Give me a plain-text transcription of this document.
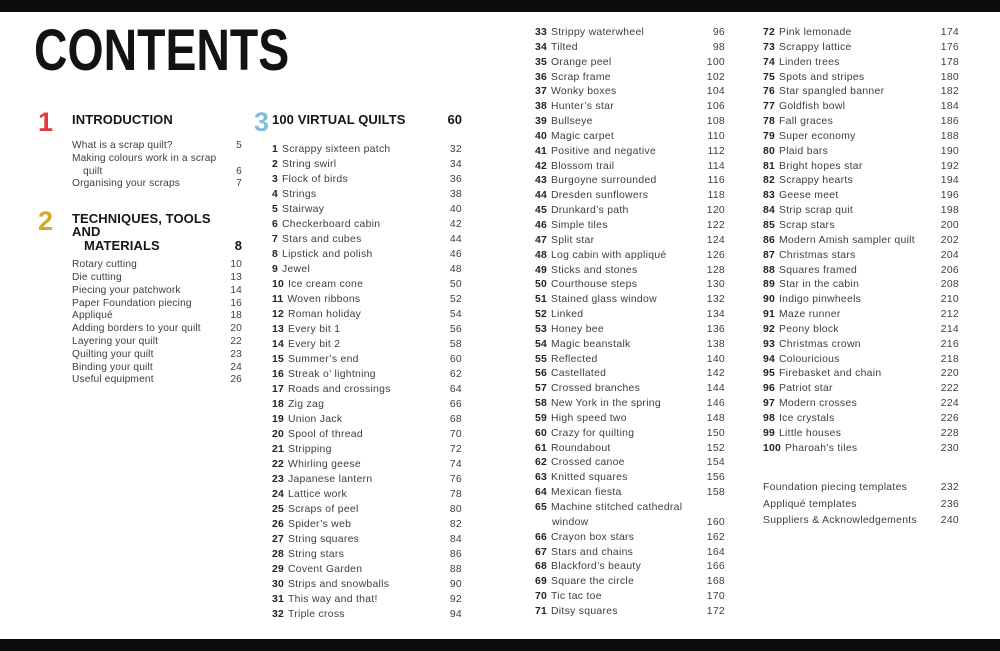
CONTENTS
1	INTRODUCTION
What is a scrap quilt?	5
Making colours work in a scrap
quilt	6
Organising your scraps	7
2	TECHNIQUES, TOOLS AND
MATERIALS	8
Rotary cutting	10
Die cutting	13
Piecing your patchwork	14
Paper Foundation piecing	16
Appliqué	18
Adding borders to your quilt	20
Layering your quilt	22
Quilting your quilt	23
Binding your quilt	24
Useful equipment	26
3 100 VIRTUAL QUILTS	60
1 Scrappy sixteen patch	32
2 String swirl	34
3 Flock of birds	36
4 Strings	38
5 Stairway	40
6 Checkerboard cabin	42
7 Stars and cubes	44
8 Lipstick and polish	46
9 Jewel	48
10 Ice cream cone	50
11 Woven ribbons	52
12 Roman holiday	54
13 Every bit 1	56
14 Every bit 2	58
15 Summer’s end	60
16 Streak o’ lightning	62
17 Roads and crossings	64
18 Zig zag	66
19 Union Jack	68
20 Spool of thread	70
21 Stripping	72
22 Whirling geese	74
23 Japanese lantern	76
24 Lattice work	78
25 Scraps of peel	80
26 Spider’s web	82
27 String squares	84
28 String stars	86
29 Covent Garden	88
30 Strips and snowballs	90
31 This way and that!	92
32 Triple cross	94
33 Strippy waterwheel	96
34 Tilted	98
35 Orange peel	100
36 Scrap frame	102
37 Wonky boxes	104
38 Hunter’s star	106
39 Bullseye	108
40 Magic carpet	110
41 Positive and negative	112
42 Blossom trail	114
43 Burgoyne surrounded	116
44 Dresden sunflowers	118
45 Drunkard’s path	120
46 Simple tiles	122
47 Split star	124
48 Log cabin with appliqué	126
49 Sticks and stones	128
50 Courthouse steps	130
51 Stained glass window	132
52 Linked	134
53 Honey bee	136
54 Magic beanstalk	138
55 Reflected	140
56 Castellated	142
57 Crossed branches	144
58 New York in the spring	146
59 High speed two	148
60 Crazy for quilting	150
61 Roundabout	152
62 Crossed canoe	154
63 Knitted squares	156
64 Mexican fiesta	158
65 Machine stitched cathedral
window	160
66 Crayon box stars	162
67 Stars and chains	164
68 Blackford’s beauty	166
69 Square the circle	168
70 Tic tac toe	170
71 Ditsy squares	172
72 Pink lemonade	174
73 Scrappy lattice	176
74 Linden trees	178
75 Spots and stripes	180
76 Star spangled banner	182
77 Goldfish bowl	184
78 Fall graces	186
79 Super economy	188
80 Plaid bars	190
81 Bright hopes star	192
82 Scrappy hearts	194
83 Geese meet	196
84 Strip scrap quit	198
85 Scrap stars	200
86 Modern Amish sampler quilt	202
87 Christmas stars	204
88 Squares framed	206
89 Star in the cabin	208
90 Indigo pinwheels	210
91 Maze runner	212
92 Peony block	214
93 Christmas crown	216
94 Colouricious	218
95 Firebasket and chain	220
96 Patriot star	222
97 Modern crosses	224
98 Ice crystals	226
99 Little houses	228
100 Pharoah’s tiles	230
Foundation piecing templates	232
Appliqué templates	236
Suppliers & Acknowledgements 240
